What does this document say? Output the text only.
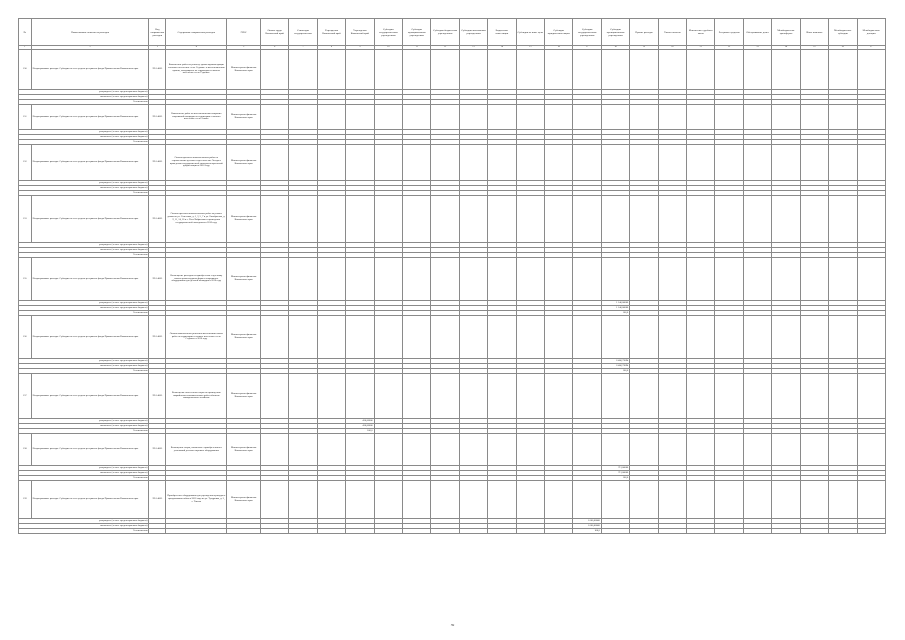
№	Наименование показателя расходов	Код направления расходов	Содержание направления расходов	ГРБС	Оплата труда Камчатский край	Стипендии государственные	Учреждения Камчатский край	Учреждения Камчатский край	Субсидии государственным учреждениям	Субсидии муниципальным учреждениям	Субсидии бюджетным учреждениям	Субсидии автономным учреждениям	Бюджетные инвестиции	Субсидии на иные цели	Субсидии юридическим лицам	Субсидии государственным учреждениям	Субсидии муниципальным учреждениям	Прочие расходы	Уплата налогов	Исполнение судебных актов	Резервные средства	Обслуживание долга	Межбюджетные трансферты	Иные выплаты	Межбюджетные субсидии	Межбюджетные дотации
1	2	3	4	5	6	7	8	9	10	11	12	13	14	15	16	17	18	19	20	21	22	23	24	25	26	27
150	Непрограммные расходы. Субсидии за счет средств резервного фонда Правительства Камчатского края	99 0 4005	Выполнение работ по ремонту здания администрации сельского поселения «село Седанка» и восстановлению кровли, находящихся на территории сельского поселения «село Седанка»	Министерство финансов Камчатского края																						
утверждено (за счет средств краевого бюджета)																										
исполнено (за счет средств краевого бюджета)																										
% исполнения																										
151	Непрограммные расходы. Субсидии за счет средств резервного фонда Правительства Камчатского края	99 0 4005	Выполнение работ по восстановлению покрытия спортивной площадки на территории сельского поселения «село Апача»	Министерство финансов Камчатского края																						
утверждено (за счет средств краевого бюджета)																										
исполнено (за счет средств краевого бюджета)																										
% исполнения																										
152	Непрограммные расходы. Субсидии за счет средств резервного фонда Правительства Камчатского края	99 0 4005	Оплата проектно-изыскательских работ на строительство детского сада в поселке Оссора и проведения государственной экспертизы проектной документации в 2016 году	Министерство финансов Камчатского края																						
утверждено (за счет средств краевого бюджета)																										
исполнено (за счет средств краевого бюджета)																										
% исполнения																										
153	Непрограммные расходы. Субсидии за счет средств резервного фонда Правительства Камчатского края	99 0 4005	Оплата проектно-изыскательских работ на ремонт домов по ул. Советская, д. 1, 3, 5, 7 и ул. Октябрьская, д. 9, 11, 14, 16 в с. Усть-Хайрюзово и проведения государственной экспертизы в 2016 году	Министерство финансов Камчатского края																						
утверждено (за счет средств краевого бюджета)																										
исполнено (за счет средств краевого бюджета)																										
% исполнения																										
155	Непрограммные расходы. Субсидии за счет средств резервного фонда Правительства Камчатского края	99 0 4005	Возмещение расходов на приобретение и доставку малых архитектурных форм и спортивного оборудования для детской площадки в 2016 году	Министерство финансов Камчатского края																						
утверждено (за счет средств краевого бюджета)																	1 140,00000									
исполнено (за счет средств краевого бюджета)																	1 140,00000									
% исполнения																	100,0									
156	Непрограммные расходы. Субсидии за счет средств резервного фонда Правительства Камчатского края	99 0 4005	Оплата выполненных ремонтно-восстановительных работ на территории сельского поселения «село Седанка» в 2016 году	Министерство финансов Камчатского края																						
утверждено (за счет средств краевого бюджета)																	6 400,72094									
исполнено (за счет средств краевого бюджета)																	6 400,72094									
% исполнения																	100,0									
157	Непрограммные расходы. Субсидии за счет средств резервного фонда Правительства Камчатского края	99 0 4005	Возмещение понесенных затрат по проведению аварийно-восстановительных работ объектов коммунального хозяйства	Министерство финансов Камчатского края																						
утверждено (за счет средств краевого бюджета)								430,00000																		
исполнено (за счет средств краевого бюджета)								430,00000																		
% исполнения								100,0																		
158	Непрограммные расходы. Субсидии за счет средств резервного фонда Правительства Камчатского края	99 0 4005	Возмещение затрат, связанных с приобретением и установкой детского игрового оборудования	Министерство финансов Камчатского края																						
утверждено (за счет средств краевого бюджета)																	713,00000									
исполнено (за счет средств краевого бюджета)																	713,00000									
% исполнения																	100,0									
159	Непрограммные расходы. Субсидии за счет средств резервного фонда Правительства Камчатского края	99 0 4005	Приобретение оборудования для учреждения культуры к празднованию юбилея 2016 года по ул. Тундровая, д. 5, с. Тигиль	Министерство финансов Камчатского края																						
утверждено (за счет средств краевого бюджета)																1 000,00000										
исполнено (за счет средств краевого бюджета)																1 000,00000										
% исполнения																100,0										
39
